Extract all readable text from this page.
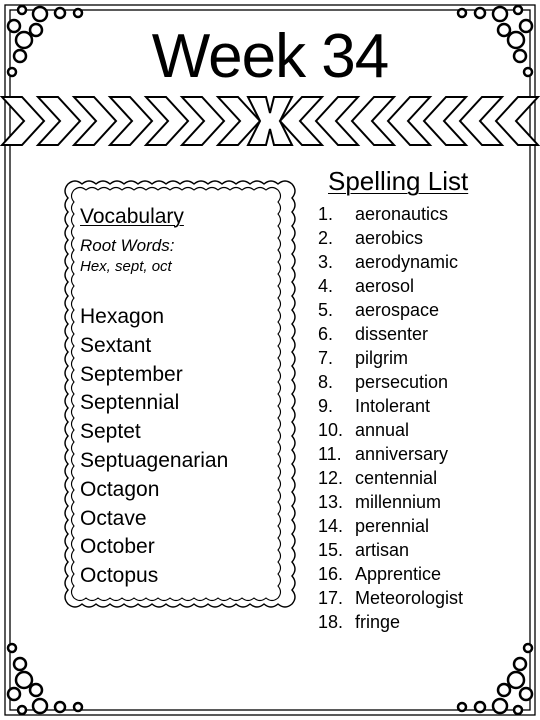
Week 34
Spelling List
Vocabulary
Root Words:
Hex, sept, oct
Hexagon
Sextant
September
Septennial
Septet
Septuagenarian
Octagon
Octave
October
Octopus
1. aeronautics
2. aerobics
3. aerodynamic
4. aerosol
5. aerospace
6. dissenter
7. pilgrim
8. persecution
9. Intolerant
10. annual
11. anniversary
12. centennial
13. millennium
14. perennial
15. artisan
16. Apprentice
17. Meteorologist
18. fringe
